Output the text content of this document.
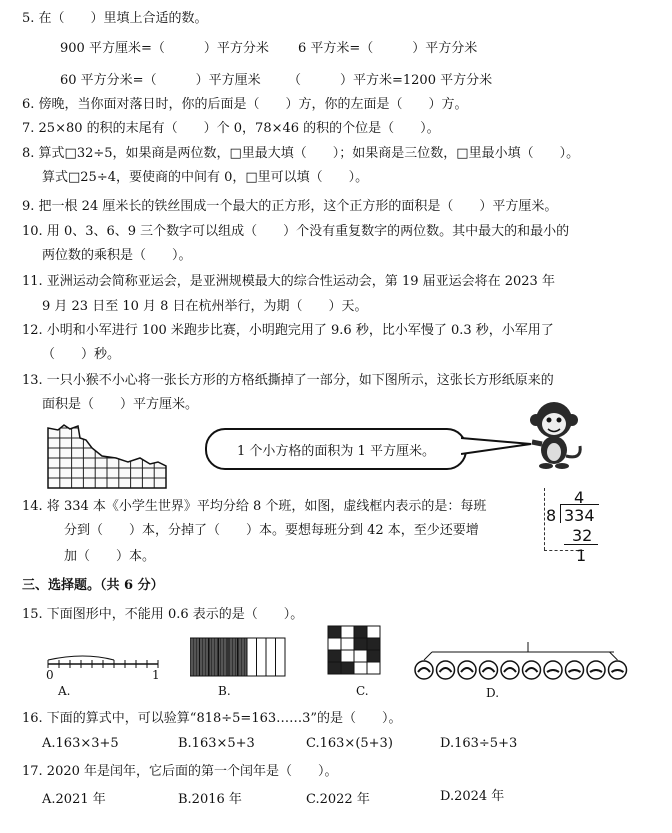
5. 在（　　）里填上合适的数。
900 平方厘米=（　　　）平方分米 6 平方米=（　　　）平方分米
60 平方分米=（　　　）平方厘米 （　　　）平方米=1200 平方分米
6. 傍晚，当你面对落日时，你的后面是（　　）方，你的左面是（　　）方。
7. 25×80 的积的末尾有（　　）个 0，78×46 的积的个位是（　　）。
8. 算式□32÷5，如果商是两位数，□里最大填（　　）；如果商是三位数，□里最小填（　　）。
算式□25÷4，要使商的中间有 0，□里可以填（　　）。
9. 把一根 24 厘米长的铁丝围成一个最大的正方形，这个正方形的面积是（　　）平方厘米。
10. 用 0、3、6、9 三个数字可以组成（　　）个没有重复数字的两位数。其中最大的和最小的
两位数的乘积是（　　）。
11. 亚洲运动会简称亚运会，是亚洲规模最大的综合性运动会，第 19 届亚运会将在 2023 年
9 月 23 日至 10 月 8 日在杭州举行，为期（　　）天。
12. 小明和小军进行 100 米跑步比赛，小明跑完用了 9.6 秒，比小军慢了 0.3 秒，小军用了
（　　）秒。
13. 一只小猴不小心将一张长方形的方格纸撕掉了一部分，如下图所示，这张长方形纸原来的
面积是（　　）平方厘米。
1 个小方格的面积为 1 平方厘米。
14. 将 334 本《小学生世界》平均分给 8 个班，如图，虚线框内表示的是：每班
分到（　　）本，分掉了（　　）本。要想每班分到 42 本，至少还要增
加（　　）本。
4
8 334
32
1
三、选择题。（共 6 分）
15. 下面图形中，不能用 0.6 表示的是（　　）。
0	1
A.	B.	C.	D.
16. 下面的算式中，可以验算“818÷5=163……3”的是（　　）。
A.163×3+5	B.163×5+3	C.163×(5+3)	D.163÷5+3
17. 2020 年是闰年，它后面的第一个闰年是（　　）。
A.2021 年	B.2016 年	C.2022 年	D.2024 年
